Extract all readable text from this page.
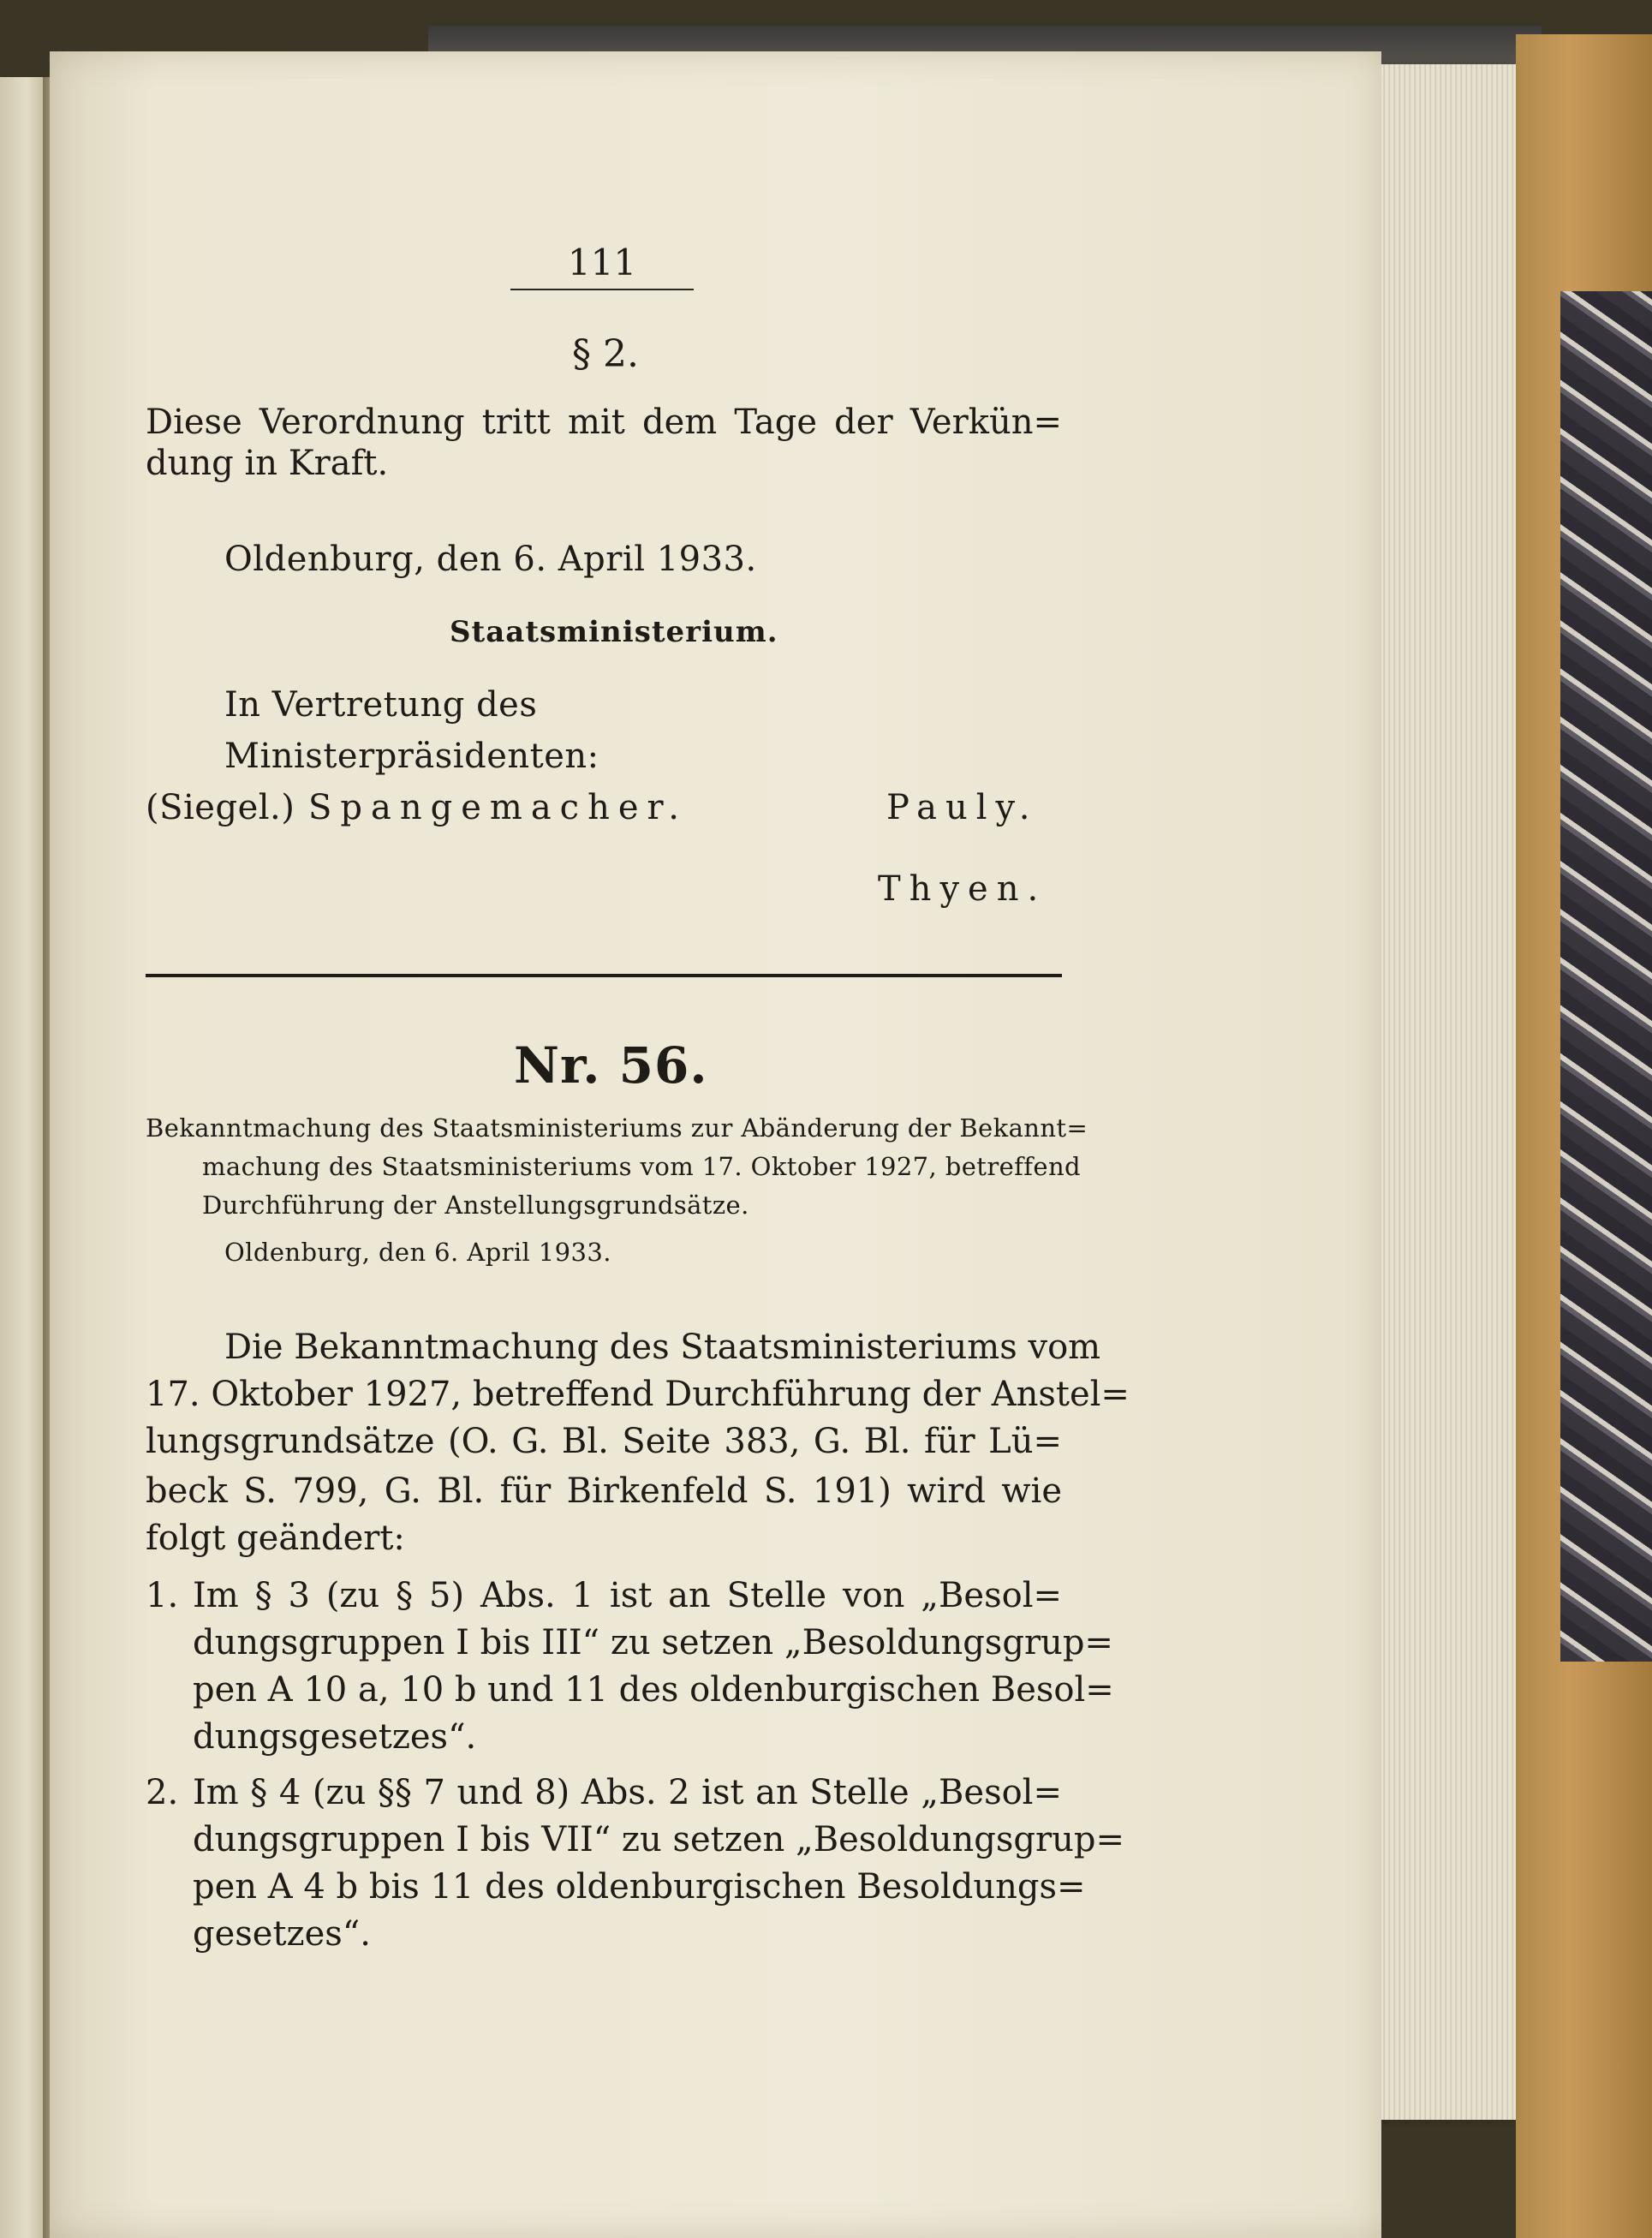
111
§ 2.
Diese Verordnung tritt mit dem Tage der Verkün=
dung in Kraft.
Oldenburg, den 6. April 1933.
Staatsministerium.
In Vertretung des
Ministerpräsidenten:
(Siegel.) Spangemacher.	Pauly.
Thyen.
Nr. 56.
Bekanntmachung des Staatsministeriums zur Abänderung der Bekannt=
machung des Staatsministeriums vom 17. Oktober 1927, betreffend
Durchführung der Anstellungsgrundsätze.
Oldenburg, den 6. April 1933.
Die Bekanntmachung des Staatsministeriums vom
17. Oktober 1927, betreffend Durchführung der Anstel=
lungsgrundsätze (O. G. Bl. Seite 383, G. Bl. für Lü=
beck S. 799, G. Bl. für Birkenfeld S. 191) wird wie
folgt geändert:
1. Im § 3 (zu § 5) Abs. 1 ist an Stelle von „Besol=
dungsgruppen I bis III“ zu setzen „Besoldungsgrup=
pen A 10 a, 10 b und 11 des oldenburgischen Besol=
dungsgesetzes“.
2. Im § 4 (zu §§ 7 und 8) Abs. 2 ist an Stelle „Besol=
dungsgruppen I bis VII“ zu setzen „Besoldungsgrup=
pen A 4 b bis 11 des oldenburgischen Besoldungs=
gesetzes“.
